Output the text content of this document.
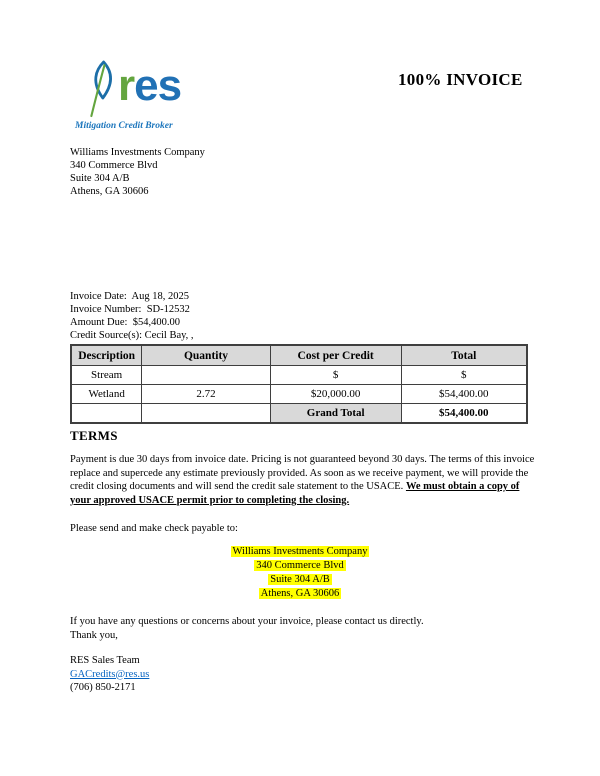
res
Mitigation Credit Broker
100% INVOICE
Williams Investments Company
340 Commerce Blvd
Suite 304 A/B
Athens, GA 30606
Invoice Date: Aug 18, 2025
Invoice Number: SD-12532
Amount Due: $54,400.00
Credit Source(s): Cecil Bay, ,
Description	Quantity	Cost per Credit	Total
Stream		$	$
Wetland	2.72	$20,000.00	$54,400.00
		Grand Total	$54,400.00
TERMS
Payment is due 30 days from invoice date. Pricing is not guaranteed beyond 30 days. The terms of this invoice replace and supercede any estimate previously provided. As soon as we receive payment, we will provide the credit closing documents and will send the credit sale statement to the USACE. We must obtain a copy of your approved USACE permit prior to completing the closing.
Please send and make check payable to:
Williams Investments Company
340 Commerce Blvd
Suite 304 A/B
Athens, GA 30606
If you have any questions or concerns about your invoice, please contact us directly.
Thank you,
RES Sales Team
GACredits@res.us
(706) 850-2171
